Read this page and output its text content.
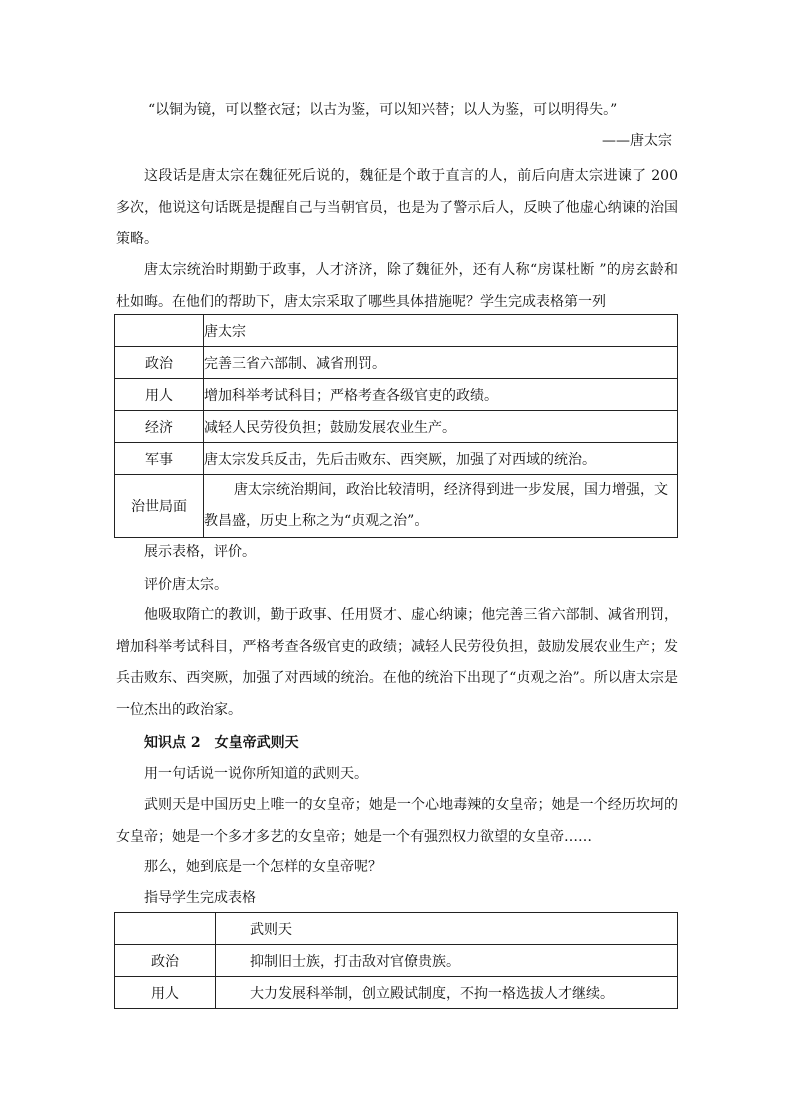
“以铜为镜，可以整衣冠；以古为鉴，可以知兴替；以人为鉴，可以明得失。”

——唐太宗

这段话是唐太宗在魏征死后说的，魏征是个敢于直言的人，前后向唐太宗进谏了 200 多次，他说这句话既是提醒自己与当朝官员，也是为了警示后人，反映了他虚心纳谏的治国策略。

唐太宗统治时期勤于政事，人才济济，除了魏征外，还有人称“房谋杜断 ”的房玄龄和杜如晦。在他们的帮助下，唐太宗采取了哪些具体措施呢？学生完成表格第一列

	唐太宗
政治	完善三省六部制、减省刑罚。
用人	增加科举考试科目；严格考查各级官吏的政绩。
经济	减轻人民劳役负担；鼓励发展农业生产。
军事	唐太宗发兵反击，先后击败东、西突厥，加强了对西域的统治。
治世局面	唐太宗统治期间，政治比较清明，经济得到进一步发展，国力增强，文教昌盛，历史上称之为“贞观之治”。

展示表格，评价。

评价唐太宗。

他吸取隋亡的教训，勤于政事、任用贤才、虚心纳谏；他完善三省六部制、减省刑罚，增加科举考试科目，严格考查各级官吏的政绩；减轻人民劳役负担，鼓励发展农业生产；发兵击败东、西突厥，加强了对西域的统治。在他的统治下出现了“贞观之治”。所以唐太宗是一位杰出的政治家。

知识点 2　女皇帝武则天

用一句话说一说你所知道的武则天。

武则天是中国历史上唯一的女皇帝；她是一个心地毒辣的女皇帝；她是一个经历坎坷的女皇帝；她是一个多才多艺的女皇帝；她是一个有强烈权力欲望的女皇帝……

那么，她到底是一个怎样的女皇帝呢？

指导学生完成表格

	武则天
政治	抑制旧士族，打击敌对官僚贵族。
用人	大力发展科举制，创立殿试制度，不拘一格选拔人才继续。
